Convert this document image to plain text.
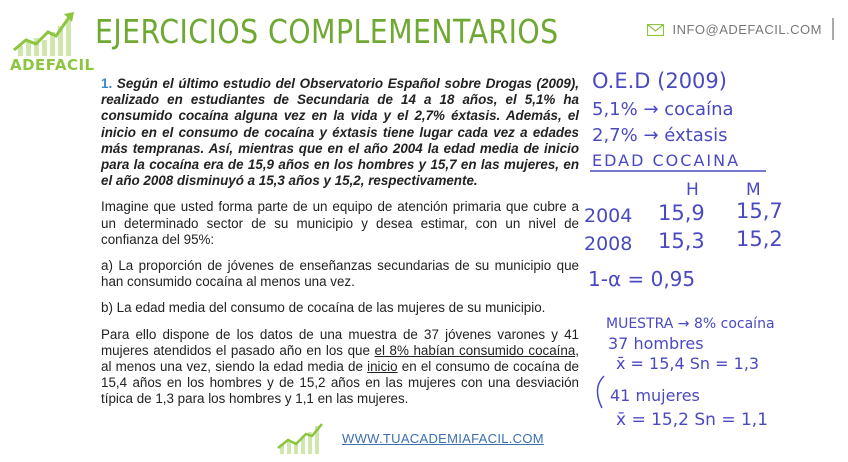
ADEFACIL
EJERCICIOS COMPLEMENTARIOS	INFO@ADEFACIL.COM

1. Según el último estudio del Observatorio Español sobre Drogas (2009), realizado en estudiantes de Secundaria de 14 a 18 años, el 5,1% ha consumido cocaína alguna vez en la vida y el 2,7% éxtasis. Además, el inicio en el consumo de cocaína y éxtasis tiene lugar cada vez a edades más tempranas. Así, mientras que en el año 2004 la edad media de inicio para la cocaína era de 15,9 años en los hombres y 15,7 en las mujeres, en el año 2008 disminuyó a 15,3 años y 15,2, respectivamente.

Imagine que usted forma parte de un equipo de atención primaria que cubre a un determinado sector de su municipio y desea estimar, con un nivel de confianza del 95%:

a) La proporción de jóvenes de enseñanzas secundarias de su municipio que han consumido cocaína al menos una vez.

b) La edad media del consumo de cocaína de las mujeres de su municipio.

Para ello dispone de los datos de una muestra de 37 jóvenes varones y 41 mujeres atendidos el pasado año en los que el 8% habían consumido cocaína, al menos una vez, siendo la edad media de inicio en el consumo de cocaína de 15,4 años en los hombres y de 15,2 años en las mujeres con una desviación típica de 1,3 para los hombres y 1,1 en las mujeres.

O.E.D (2009)
5,1% → cocaína
2,7% → éxtasis
EDAD COCAINA
H	M
2004 15,9 15,7
2008 15,3 15,2
1-α = 0,95
MUESTRA → 8% cocaína
37 hombres
x̄ = 15,4 Sn = 1,3
41 mujeres
x̄ = 15,2 Sn = 1,1
WWW.TUACADEMIAFACIL.COM
